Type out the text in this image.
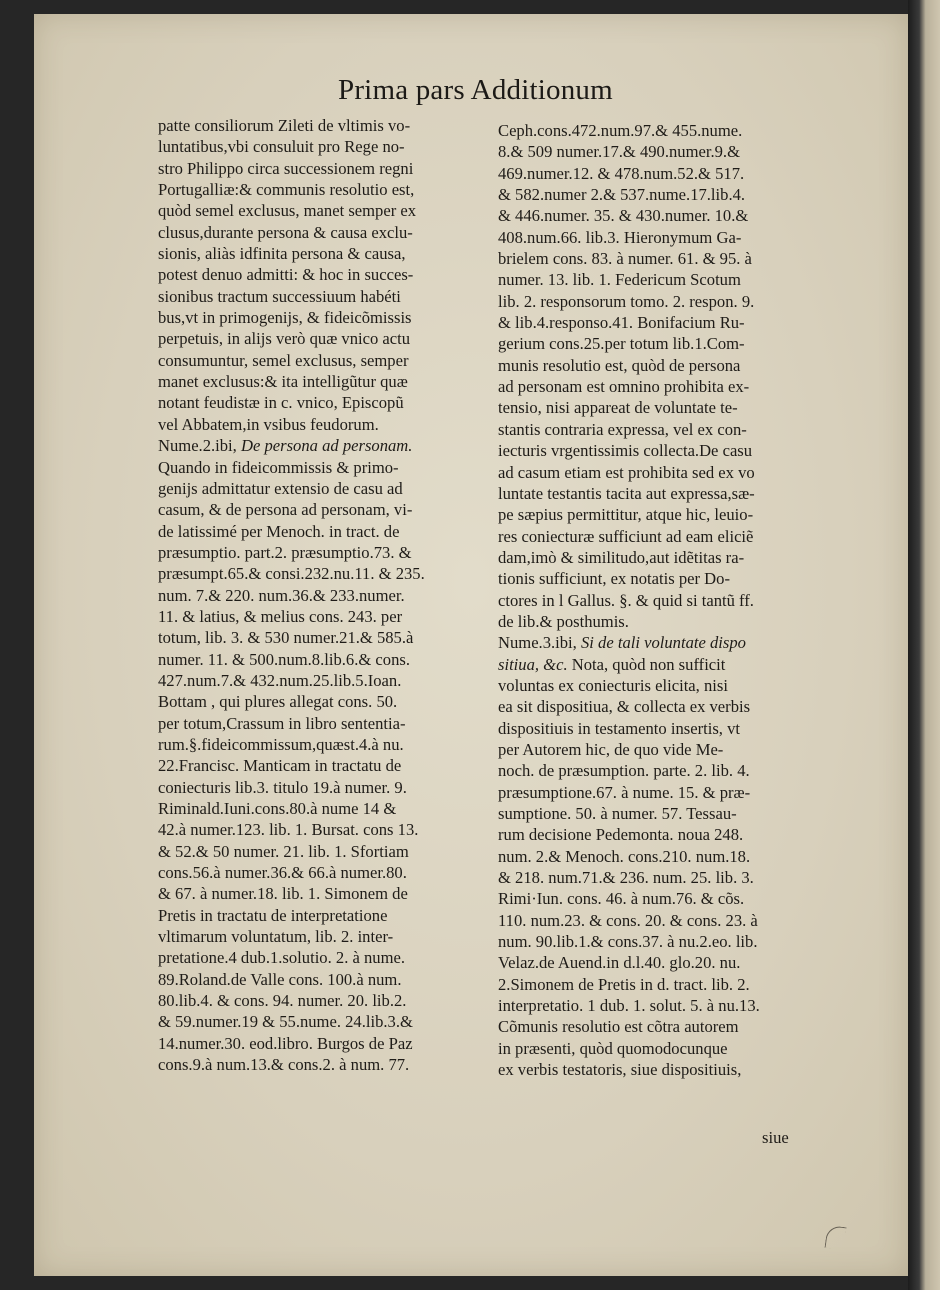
Prima pars Additionum
patte consiliorum Zileti de vltimis vo-
luntatibus,vbi consuluit pro Rege no-
stro Philippo circa successionem regni
Portugalliæ:& communis resolutio est,
quòd semel exclusus, manet semper ex
clusus,durante persona & causa exclu-
sionis, aliàs idfinita persona & causa,
potest denuo admitti: & hoc in succes-
sionibus tractum successiuum habéti
bus,vt in primogenijs, & fideicõmissis
perpetuis, in alijs verò quæ vnico actu
consumuntur, semel exclusus, semper
manet exclusus:& ita intelligũtur quæ
notant feudistæ in c. vnico, Episcopũ
vel Abbatem,in vsibus feudorum.
Nume.2.ibi, De persona ad personam.
Quando in fideicommissis & primo-
genijs admittatur extensio de casu ad
casum, & de persona ad personam, vi-
de latissimé per Menoch. in tract. de
præsumptio. part.2. præsumptio.73. &
præsumpt.65.& consi.232.nu.11. & 235.
num. 7.& 220. num.36.& 233.numer.
11. & latius, & melius cons. 243. per
totum, lib. 3. & 530 numer.21.& 585.à
numer. 11. & 500.num.8.lib.6.& cons.
427.num.7.& 432.num.25.lib.5.Ioan.
Bottam , qui plures allegat cons. 50.
per totum,Crassum in libro sententia-
rum.§.fideicommissum,quæst.4.à nu.
22.Francisc. Manticam in tractatu de
coniecturis lib.3. titulo 19.à numer. 9.
Riminald.Iuni.cons.80.à nume 14 &
42.à numer.123. lib. 1. Bursat. cons 13.
& 52.& 50 numer. 21. lib. 1. Sfortiam
cons.56.à numer.36.& 66.à numer.80.
& 67. à numer.18. lib. 1. Simonem de
Pretis in tractatu de interpretatione
vltimarum voluntatum, lib. 2. inter-
pretatione.4 dub.1.solutio. 2. à nume.
89.Roland.de Valle cons. 100.à num.
80.lib.4. & cons. 94. numer. 20. lib.2.
& 59.numer.19 & 55.nume. 24.lib.3.&
14.numer.30. eod.libro. Burgos de Paz
cons.9.à num.13.& cons.2. à num. 77.
Ceph.cons.472.num.97.& 455.nume.
8.& 509 numer.17.& 490.numer.9.&
469.numer.12. & 478.num.52.& 517.
& 582.numer 2.& 537.nume.17.lib.4.
& 446.numer. 35. & 430.numer. 10.&
408.num.66. lib.3. Hieronymum Ga-
brielem cons. 83. à numer. 61. & 95. à
numer. 13. lib. 1. Federicum Scotum
lib. 2. responsorum tomo. 2. respon. 9.
& lib.4.responso.41. Bonifacium Ru-
gerium cons.25.per totum lib.1.Com-
munis resolutio est, quòd de persona
ad personam est omnino prohibita ex-
tensio, nisi appareat de voluntate te-
stantis contraria expressa, vel ex con-
iecturis vrgentissimis collecta.De casu
ad casum etiam est prohibita sed ex vo
luntate testantis tacita aut expressa,sæ-
pe sæpius permittitur, atque hic, leuio-
res coniecturæ sufficiunt ad eam eliciẽ
dam,imò & similitudo,aut idẽtitas ra-
tionis sufficiunt, ex notatis per Do-
ctores in l Gallus. §. & quid si tantũ ff.
de lib.& posthumis.
Nume.3.ibi, Si de tali voluntate dispo
sitiua, &c. Nota, quòd non sufficit
voluntas ex coniecturis elicita, nisi
ea sit dispositiua, & collecta ex verbis
dispositiuis in testamento insertis, vt
per Autorem hic, de quo vide Me-
noch. de præsumption. parte. 2. lib. 4.
præsumptione.67. à nume. 15. & præ-
sumptione. 50. à numer. 57. Tessau-
rum decisione Pedemonta. noua 248.
num. 2.& Menoch. cons.210. num.18.
& 218. num.71.& 236. num. 25. lib. 3.
Rimi·Iun. cons. 46. à num.76. & cõs.
110. num.23. & cons. 20. & cons. 23. à
num. 90.lib.1.& cons.37. à nu.2.eo. lib.
Velaz.de Auend.in d.l.40. glo.20. nu.
2.Simonem de Pretis in d. tract. lib. 2.
interpretatio. 1 dub. 1. solut. 5. à nu.13.
Cõmunis resolutio est cõtra autorem
in præsenti, quòd quomodocunque
ex verbis testatoris, siue dispositiuis,
siue
